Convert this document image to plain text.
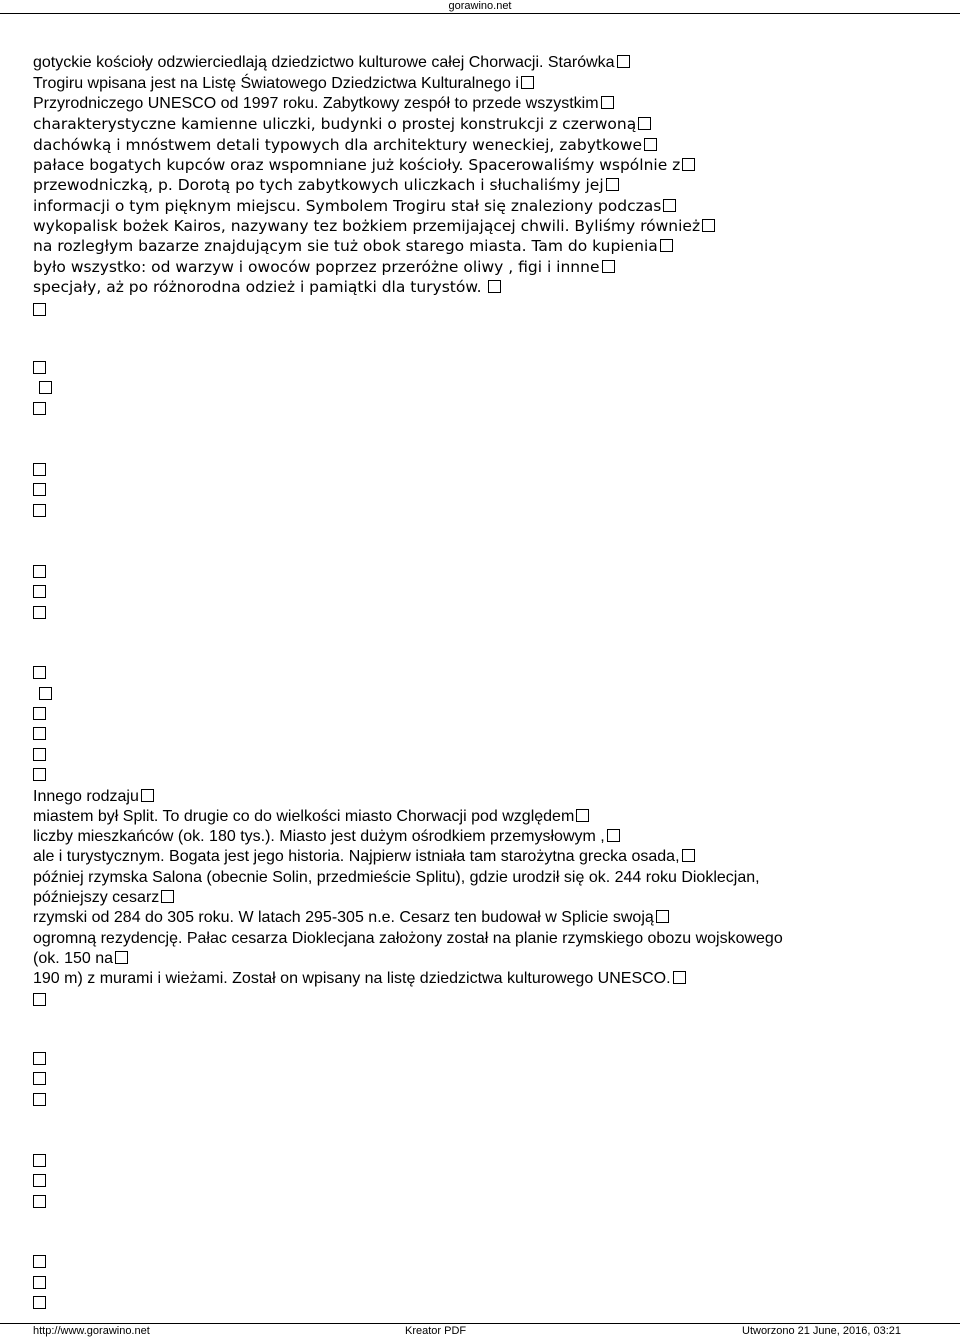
gorawino.net
gotyckie kościoły odzwierciedlają dziedzictwo kulturowe całej Chorwacji. Starówka
Trogiru wpisana jest na Listę Światowego Dziedzictwa Kulturalnego i
Przyrodniczego UNESCO od 1997 roku. Zabytkowy zespół to przede wszystkim
charakterystyczne kamienne uliczki, budynki o prostej konstrukcji z czerwoną
dachówką i mnóstwem detali typowych dla architektury weneckiej, zabytkowe
pałace bogatych kupców oraz wspomniane już kościoły. Spacerowaliśmy wspólnie z
przewodniczką, p. Dorotą po tych zabytkowych uliczkach i słuchaliśmy jej
informacji o tym pięknym miejscu. Symbolem Trogiru stał się znaleziony podczas
wykopalisk bożek Kairos, nazywany tez bożkiem przemijającej chwili. Byliśmy również
na rozległym bazarze znajdującym sie tuż obok starego miasta. Tam do kupienia
było wszystko: od warzyw i owoców poprzez przeróżne oliwy , figi i innne
specjały, aż po różnorodna odzież i pamiątki dla turystów.
Innego rodzaju
miastem był Split. To drugie co do wielkości miasto Chorwacji pod względem
liczby mieszkańców (ok. 180 tys.). Miasto jest dużym ośrodkiem przemysłowym ,
ale i turystycznym. Bogata jest jego historia. Najpierw istniała tam starożytna grecka osada,
później rzymska Salona (obecnie Solin, przedmieście Splitu), gdzie urodził się ok. 244 roku Dioklecjan,
późniejszy cesarz
rzymski od 284 do 305 roku. W latach 295-305 n.e. Cesarz ten budował w Splicie swoją
ogromną rezydencję. Pałac cesarza Dioklecjana założony został na planie rzymskiego obozu wojskowego
(ok. 150 na
190 m) z murami i wieżami. Został on wpisany na listę dziedzictwa kulturowego UNESCO.
http://www.gorawino.net	Kreator PDF	Utworzono 21 June, 2016, 03:21
